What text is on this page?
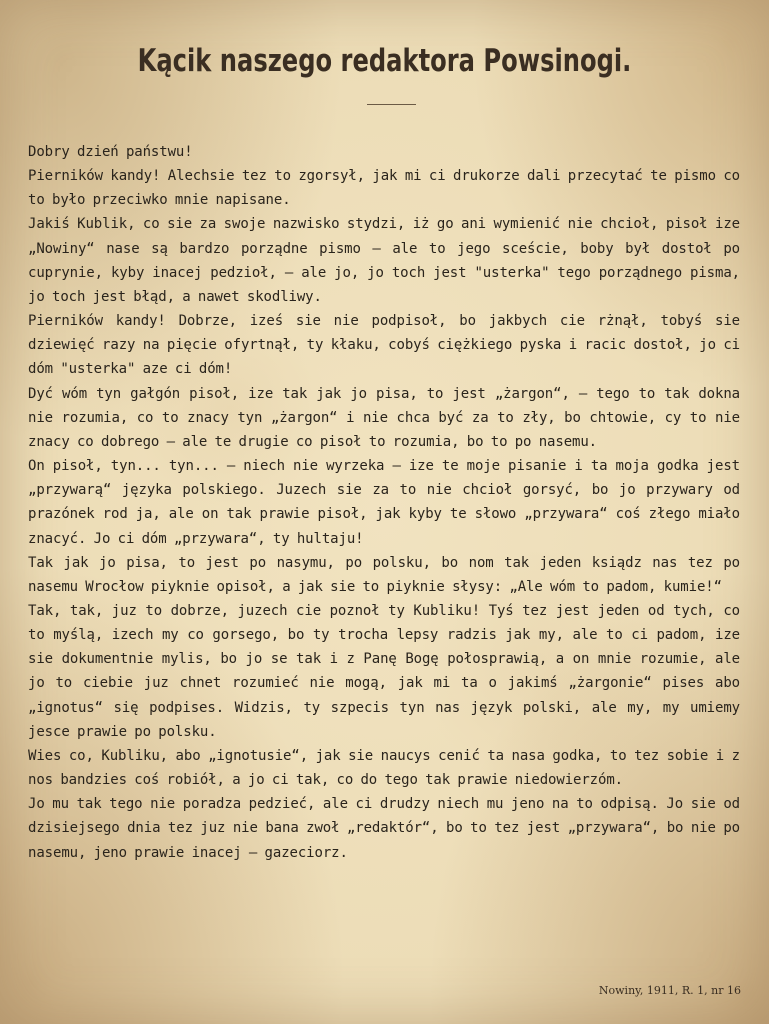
Kącik naszego redaktora Powsinogi.

Dobry dzień państwu!

Pierników kandy! Alechsie tez to zgorsył, jak mi ci drukorze dali przecytać te pismo co to było przeciwko mnie napisane.

Jakiś Kublik, co sie za swoje nazwisko stydzi, iż go ani wymienić nie chcioł, pisoł ize „Nowiny“ nase są bardzo porządne pismo — ale to jego sceście, boby był dostoł po cuprynie, kyby inacej pedzioł, — ale jo, jo toch jest "usterka" tego porządnego pisma, jo toch jest błąd, a nawet skodliwy.

Pierników kandy! Dobrze, iześ sie nie podpisoł, bo jakbych cie rżnął, tobyś sie dziewięć razy na pięcie ofyrtnął, ty kłaku, cobyś ciężkiego pyska i racic dostoł, jo ci dóm "usterka" aze ci dóm!

Dyć wóm tyn gałgón pisoł, ize tak jak jo pisa, to jest „żargon“, — tego to tak dokna nie rozumia, co to znacy tyn „żargon“ i nie chca być za to zły, bo chtowie, cy to nie znacy co dobrego — ale te drugie co pisoł to rozumia, bo to po nasemu.

On pisoł, tyn... tyn... — niech nie wyrzeka — ize te moje pisanie i ta moja godka jest „przywarą“ języka polskiego. Juzech sie za to nie chcioł gorsyć, bo jo przywary od prazónek rod ja, ale on tak prawie pisoł, jak kyby te słowo „przywara“ coś złego miało znacyć. Jo ci dóm „przywara“, ty hultaju!

Tak jak jo pisa, to jest po nasymu, po polsku, bo nom tak jeden ksiądz nas tez po nasemu Wrocłow piyknie opisoł, a jak sie to piyknie słysy: „Ale wóm to padom, kumie!“

Tak, tak, juz to dobrze, juzech cie poznoł ty Kubliku! Tyś tez jest jeden od tych, co to myślą, izech my co gorsego, bo ty trocha lepsy radzis jak my, ale to ci padom, ize sie dokumentnie mylis, bo jo se tak i z Panę Bogę połosprawią, a on mnie rozumie, ale jo to ciebie juz chnet rozumieć nie mogą, jak mi ta o jakimś „żargonie“ pises abo „ignotus“ się podpises. Widzis, ty szpecis tyn nas język polski, ale my, my umiemy jesce prawie po polsku.

Wies co, Kubliku, abo „ignotusie“, jak sie naucys cenić ta nasa godka, to tez sobie i z nos bandzies coś robiół, a jo ci tak, co do tego tak prawie niedowierzóm.

Jo mu tak tego nie poradza pedzieć, ale ci drudzy niech mu jeno na to odpisą. Jo sie od dzisiejsego dnia tez juz nie bana zwoł „redaktór“, bo to tez jest „przywara“, bo nie po nasemu, jeno prawie inacej — gazeciorz.

Nowiny, 1911, R. 1, nr 16
